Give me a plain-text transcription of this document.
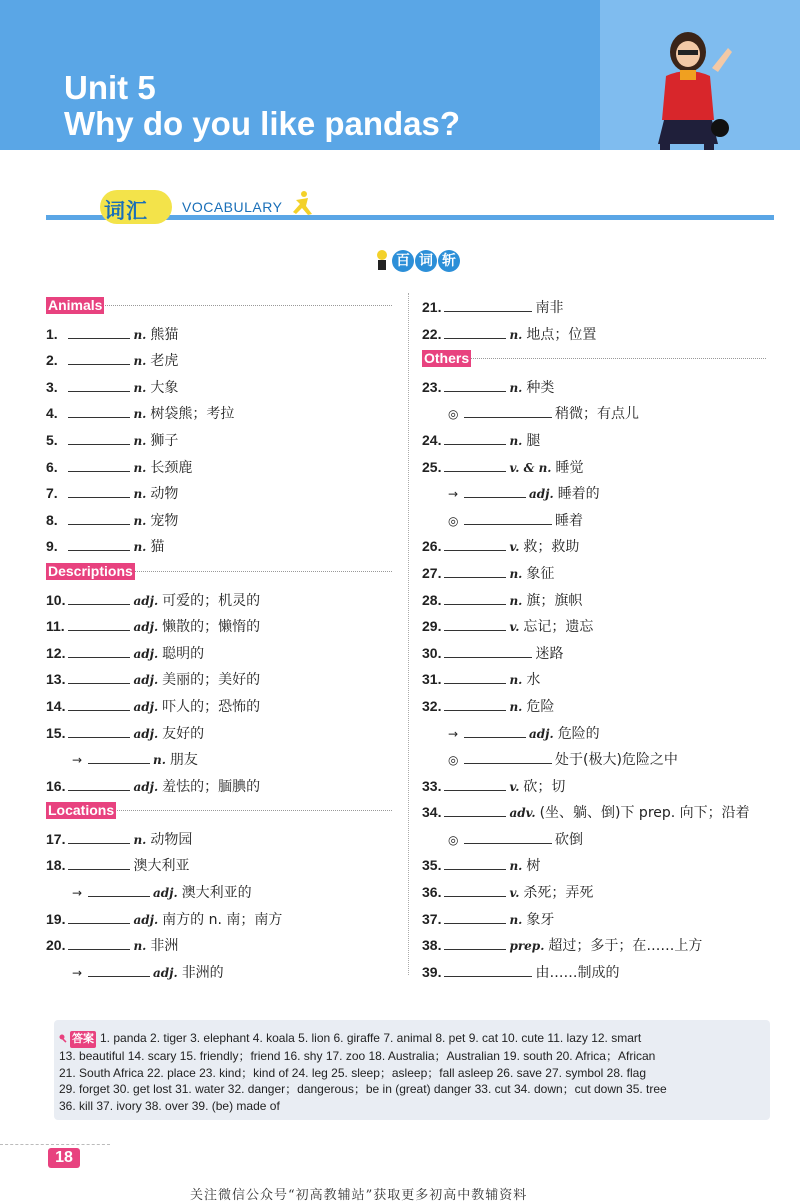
Unit 5
Why do you like pandas?
词汇 VOCABULARY
百 词 斩
Animals
1.	n. 熊猫
2.	n. 老虎
3.	n. 大象
4.	n. 树袋熊；考拉
5.	n. 狮子
6.	n. 长颈鹿
7.	n. 动物
8.	n. 宠物
9.	n. 猫
Descriptions
10.	adj. 可爱的；机灵的
11.	adj. 懒散的；懒惰的
12.	adj. 聪明的
13.	adj. 美丽的；美好的
14.	adj. 吓人的；恐怖的
15.	adj. 友好的
→	n. 朋友
16.	adj. 羞怯的；腼腆的
Locations
17.	n. 动物园
18.	澳大利亚
→	adj. 澳大利亚的
19.	adj. 南方的 n. 南；南方
20.	n. 非洲
→	adj. 非洲的
21.	南非
22.	n. 地点；位置
Others
23.	n. 种类
◎	稍微；有点儿
24.	n. 腿
25.	v. & n. 睡觉
→	adj. 睡着的
◎	睡着
26.	v. 救；救助
27.	n. 象征
28.	n. 旗；旗帜
29.	v. 忘记；遗忘
30.	迷路
31.	n. 水
32.	n. 危险
→	adj. 危险的
◎	处于(极大)危险之中
33.	v. 砍；切
34.	adv. (坐、躺、倒)下 prep. 向下；沿着
◎	砍倒
35.	n. 树
36.	v. 杀死；弄死
37.	n. 象牙
38.	prep. 超过；多于；在……上方
39.	由……制成的
答案 1. panda 2. tiger 3. elephant 4. koala 5. lion 6. giraffe 7. animal 8. pet 9. cat 10. cute 11. lazy 12. smart
13. beautiful 14. scary 15. friendly；friend 16. shy 17. zoo 18. Australia；Australian 19. south 20. Africa；African
21. South Africa 22. place 23. kind；kind of 24. leg 25. sleep；asleep；fall asleep 26. save 27. symbol 28. flag
29. forget 30. get lost 31. water 32. danger；dangerous；be in (great) danger 33. cut 34. down；cut down 35. tree
36. kill 37. ivory 38. over 39. (be) made of
18
关注微信公众号“初高教辅站”获取更多初高中教辅资料
